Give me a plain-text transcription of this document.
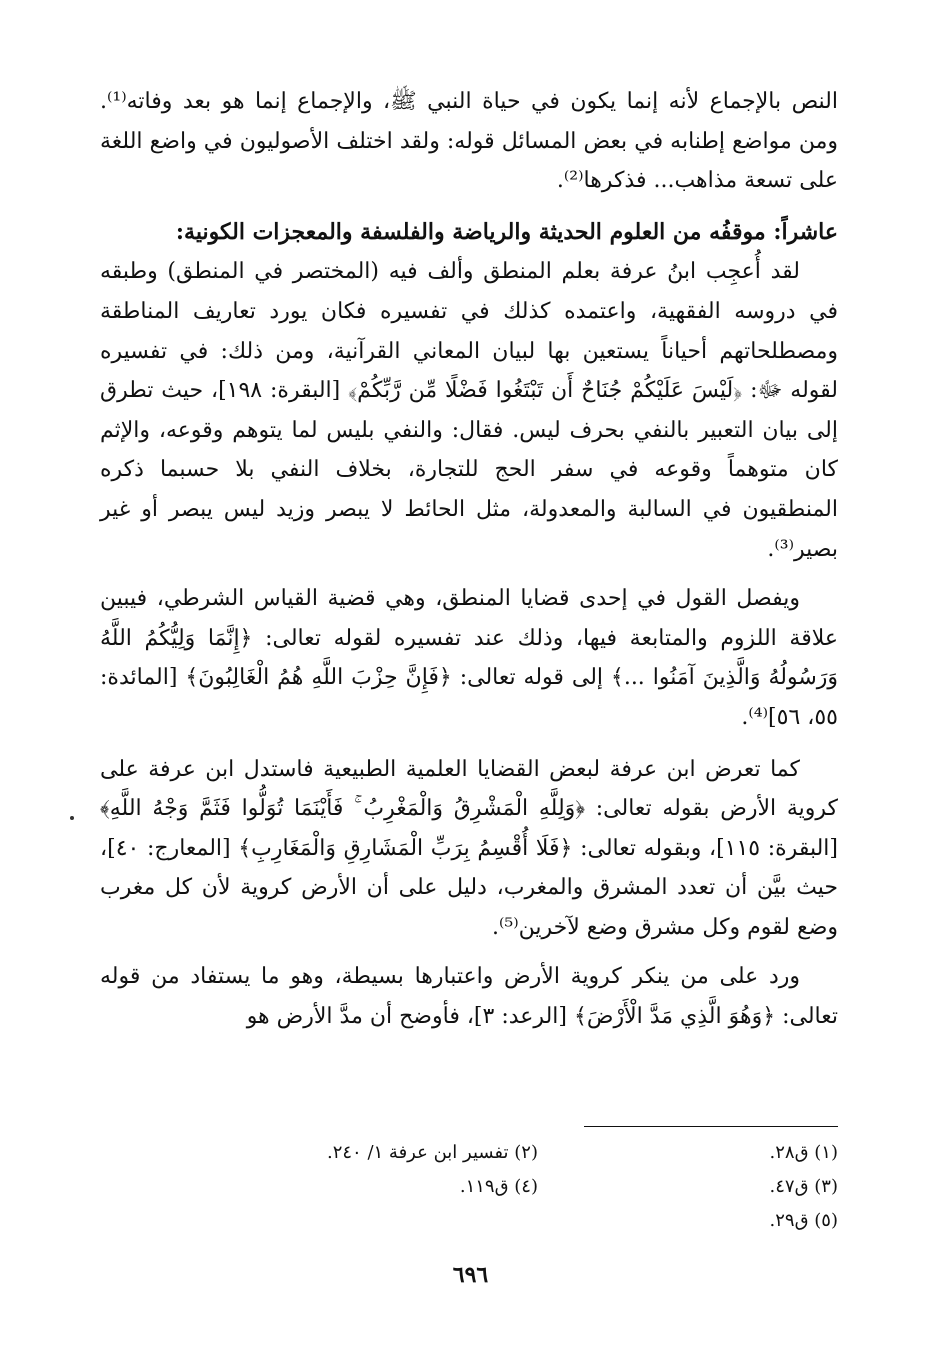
النص بالإجماع لأنه إنما يكون في حياة النبي ﷺ، والإجماع إنما هو بعد وفاته⁽¹⁾. ومن مواضع إطنابه في بعض المسائل قوله: ولقد اختلف الأصوليون في واضع اللغة على تسعة مذاهب... فذكرها⁽²⁾.

عاشراً: موقفُه من العلوم الحديثة والرياضة والفلسفة والمعجزات الكونية:

لقد أُعجِب ابنُ عرفة بعلم المنطق وألف فيه (المختصر في المنطق) وطبقه في دروسه الفقهية، واعتمده كذلك في تفسيره فكان يورد تعاريف المناطقة ومصطلحاتهم أحياناً يستعين بها لبيان المعاني القرآنية، ومن ذلك: في تفسيره لقوله ﷻ: ﴿لَيْسَ عَلَيْكُمْ جُنَاحٌ أَن تَبْتَغُوا فَضْلًا مِّن رَّبِّكُمْ﴾ [البقرة: ١٩٨]، حيث تطرق إلى بيان التعبير بالنفي بحرف ليس. فقال: والنفي بليس لما يتوهم وقوعه، والإثم كان متوهماً وقوعه في سفر الحج للتجارة، بخلاف النفي بلا حسبما ذكره المنطقيون في السالبة والمعدولة، مثل الحائط لا يبصر وزيد ليس يبصر أو غير بصير⁽³⁾.

ويفصل القول في إحدى قضايا المنطق، وهي قضية القياس الشرطي، فيبين علاقة اللزوم والمتابعة فيها، وذلك عند تفسيره لقوله تعالى: ﴿إِنَّمَا وَلِيُّكُمُ اللَّهُ وَرَسُولُهُ وَالَّذِينَ آمَنُوا ...﴾ إلى قوله تعالى: ﴿فَإِنَّ حِزْبَ اللَّهِ هُمُ الْغَالِبُونَ﴾ [المائدة: ٥٥، ٥٦]⁽⁴⁾.

كما تعرض ابن عرفة لبعض القضايا العلمية الطبيعية فاستدل ابن عرفة على كروية الأرض بقوله تعالى: ﴿وَلِلَّهِ الْمَشْرِقُ وَالْمَغْرِبُ ۚ فَأَيْنَمَا تُوَلُّوا فَثَمَّ وَجْهُ اللَّهِ﴾ [البقرة: ١١٥]، وبقوله تعالى: ﴿فَلَا أُقْسِمُ بِرَبِّ الْمَشَارِقِ وَالْمَغَارِبِ﴾ [المعارج: ٤٠]، حيث بيَّن أن تعدد المشرق والمغرب، دليل على أن الأرض كروية لأن كل مغرب وضع لقوم وكل مشرق وضع لآخرين⁽⁵⁾.

ورد على من ينكر كروية الأرض واعتبارها بسيطة، وهو ما يستفاد من قوله تعالى: ﴿وَهُوَ الَّذِي مَدَّ الْأَرْضَ﴾ [الرعد: ٣]، فأوضح أن مدَّ الأرض هو

(١) ق٢٨.
(٢) تفسير ابن عرفة ١/ ٢٤٠.
(٣) ق٤٧.
(٤) ق١١٩.
(٥) ق٢٩.
٦٩٦
